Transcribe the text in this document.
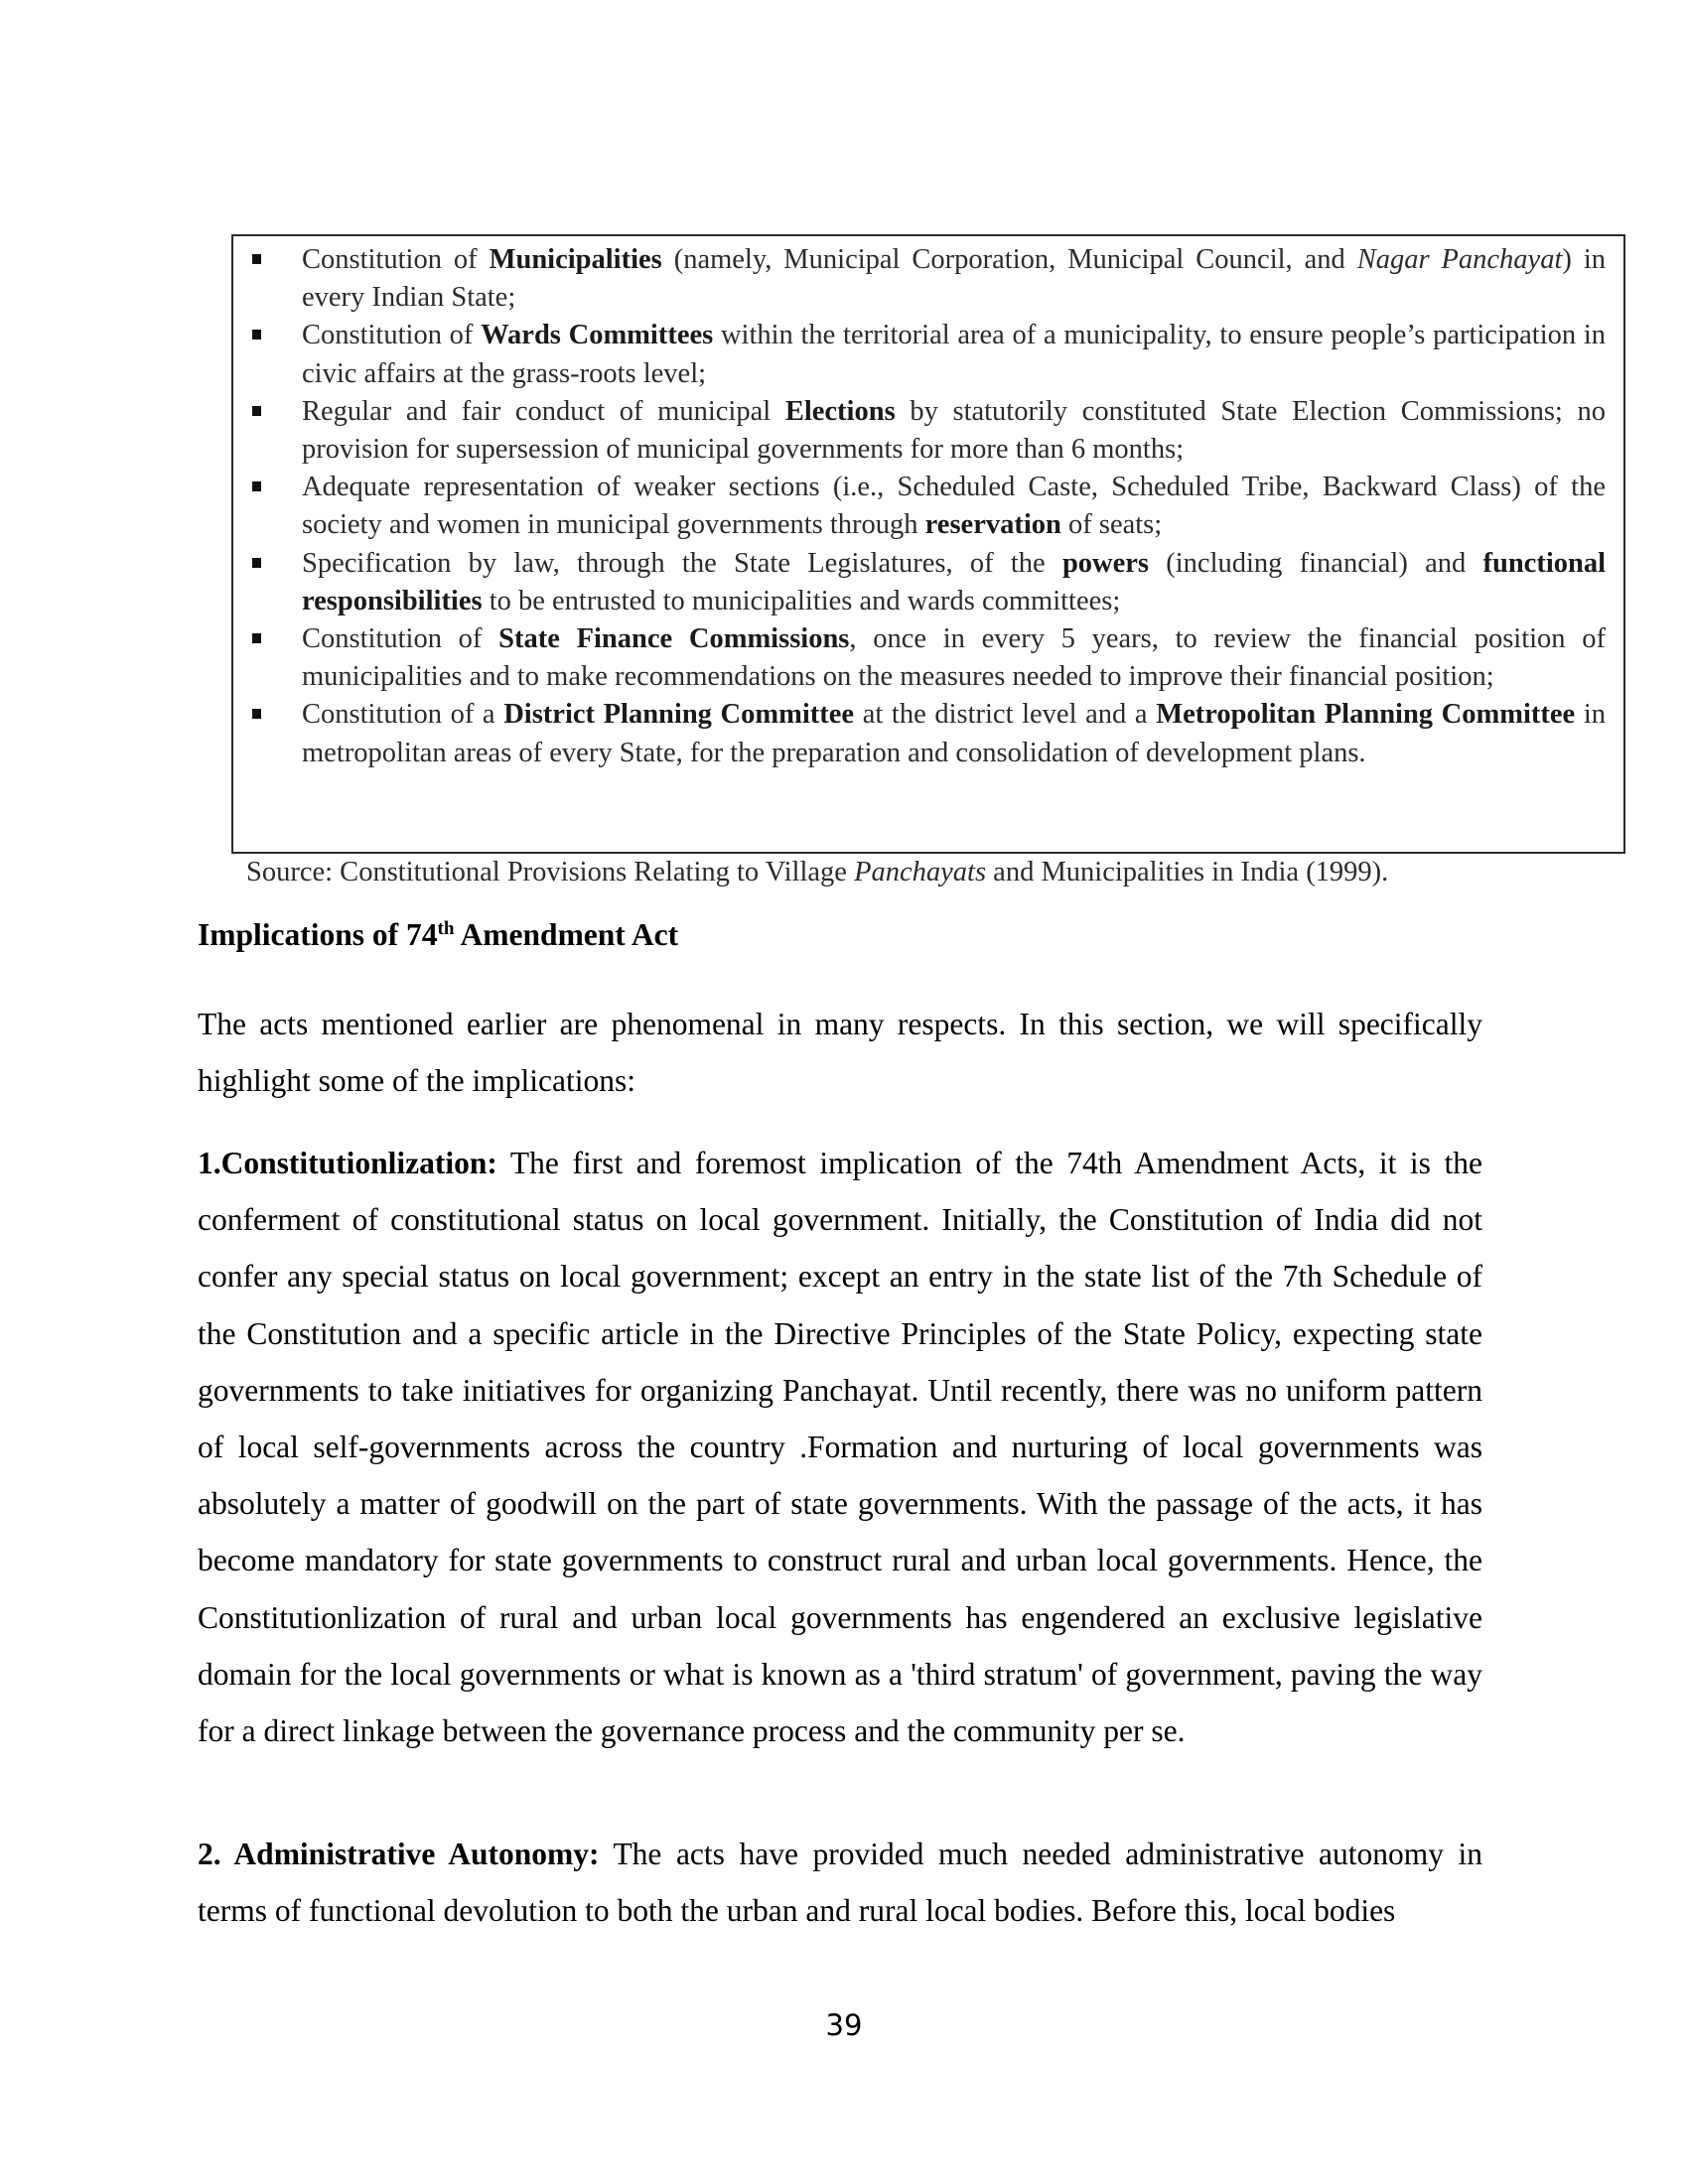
Constitution of Municipalities (namely, Municipal Corporation, Municipal Council, and Nagar Panchayat) in every Indian State;
Constitution of Wards Committees within the territorial area of a municipality, to ensure people’s participation in civic affairs at the grass-roots level;
Regular and fair conduct of municipal Elections by statutorily constituted State Election Commissions; no provision for supersession of municipal governments for more than 6 months;
Adequate representation of weaker sections (i.e., Scheduled Caste, Scheduled Tribe, Backward Class) of the society and women in municipal governments through reservation of seats;
Specification by law, through the State Legislatures, of the powers (including financial) and functional responsibilities to be entrusted to municipalities and wards committees;
Constitution of State Finance Commissions, once in every 5 years, to review the financial position of municipalities and to make recommendations on the measures needed to improve their financial position;
Constitution of a District Planning Committee at the district level and a Metropolitan Planning Committee in metropolitan areas of every State, for the preparation and consolidation of development plans.
Source: Constitutional Provisions Relating to Village Panchayats and Municipalities in India (1999).
Implications of 74th Amendment Act

The acts mentioned earlier are phenomenal in many respects. In this section, we will specifically highlight some of the implications:

1.Constitutionlization: The first and foremost implication of the 74th Amendment Acts, it is the conferment of constitutional status on local government. Initially, the Constitution of India did not confer any special status on local government; except an entry in the state list of the 7th Schedule of the Constitution and a specific article in the Directive Principles of the State Policy, expecting state governments to take initiatives for organizing Panchayat. Until recently, there was no uniform pattern of local self-governments across the country .Formation and nurturing of local governments was absolutely a matter of goodwill on the part of state governments. With the passage of the acts, it has become mandatory for state governments to construct rural and urban local governments. Hence, the Constitutionlization of rural and urban local governments has engendered an exclusive legislative domain for the local governments or what is known as a 'third stratum' of government, paving the way for a direct linkage between the governance process and the community per se.

2. Administrative Autonomy: The acts have provided much needed administrative autonomy in terms of functional devolution to both the urban and rural local bodies. Before this, local bodies

39
